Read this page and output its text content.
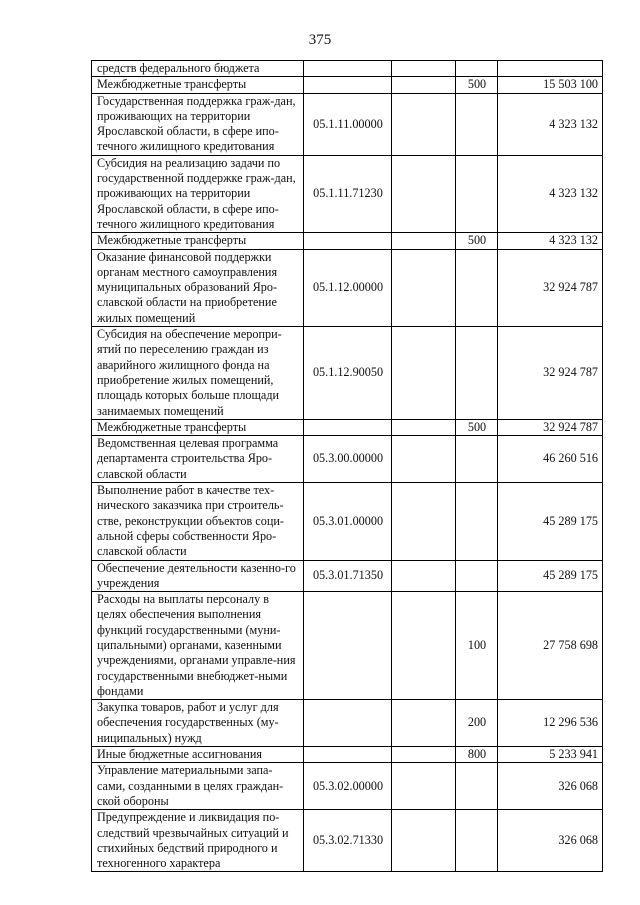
375
средств федерального бюджета				
Межбюджетные трансферты			500	15 503 100
Государственная поддержка граж-дан, проживающих на территории Ярославской области, в сфере ипо-течного жилищного кредитования	05.1.11.00000			4 323 132
Субсидия на реализацию задачи по государственной поддержке граж-дан, проживающих на территории Ярославской области, в сфере ипо-течного жилищного кредитования	05.1.11.71230			4 323 132
Межбюджетные трансферты			500	4 323 132
Оказание финансовой поддержки органам местного самоуправления муниципальных образований Яро-славской области на приобретение жилых помещений	05.1.12.00000			32 924 787
Субсидия на обеспечение меропри-ятий по переселению граждан из аварийного жилищного фонда на приобретение жилых помещений, площадь которых больше площади занимаемых помещений	05.1.12.90050			32 924 787
Межбюджетные трансферты			500	32 924 787
Ведомственная целевая программа департамента строительства Яро-славской области	05.3.00.00000			46 260 516
Выполнение работ в качестве тех-нического заказчика при строитель-стве, реконструкции объектов соци-альной сферы собственности Яро-славской области	05.3.01.00000			45 289 175
Обеспечение деятельности казенно-го учреждения	05.3.01.71350			45 289 175
Расходы на выплаты персоналу в целях обеспечения выполнения функций государственными (муни-ципальными) органами, казенными учреждениями, органами управле-ния государственными внебюджет-ными фондами			100	27 758 698
Закупка товаров, работ и услуг для обеспечения государственных (му-ниципальных) нужд			200	12 296 536
Иные бюджетные ассигнования			800	5 233 941
Управление материальными запа-сами, созданными в целях граждан-ской обороны	05.3.02.00000			326 068
Предупреждение и ликвидация по-следствий чрезвычайных ситуаций и стихийных бедствий природного и техногенного характера	05.3.02.71330			326 068
